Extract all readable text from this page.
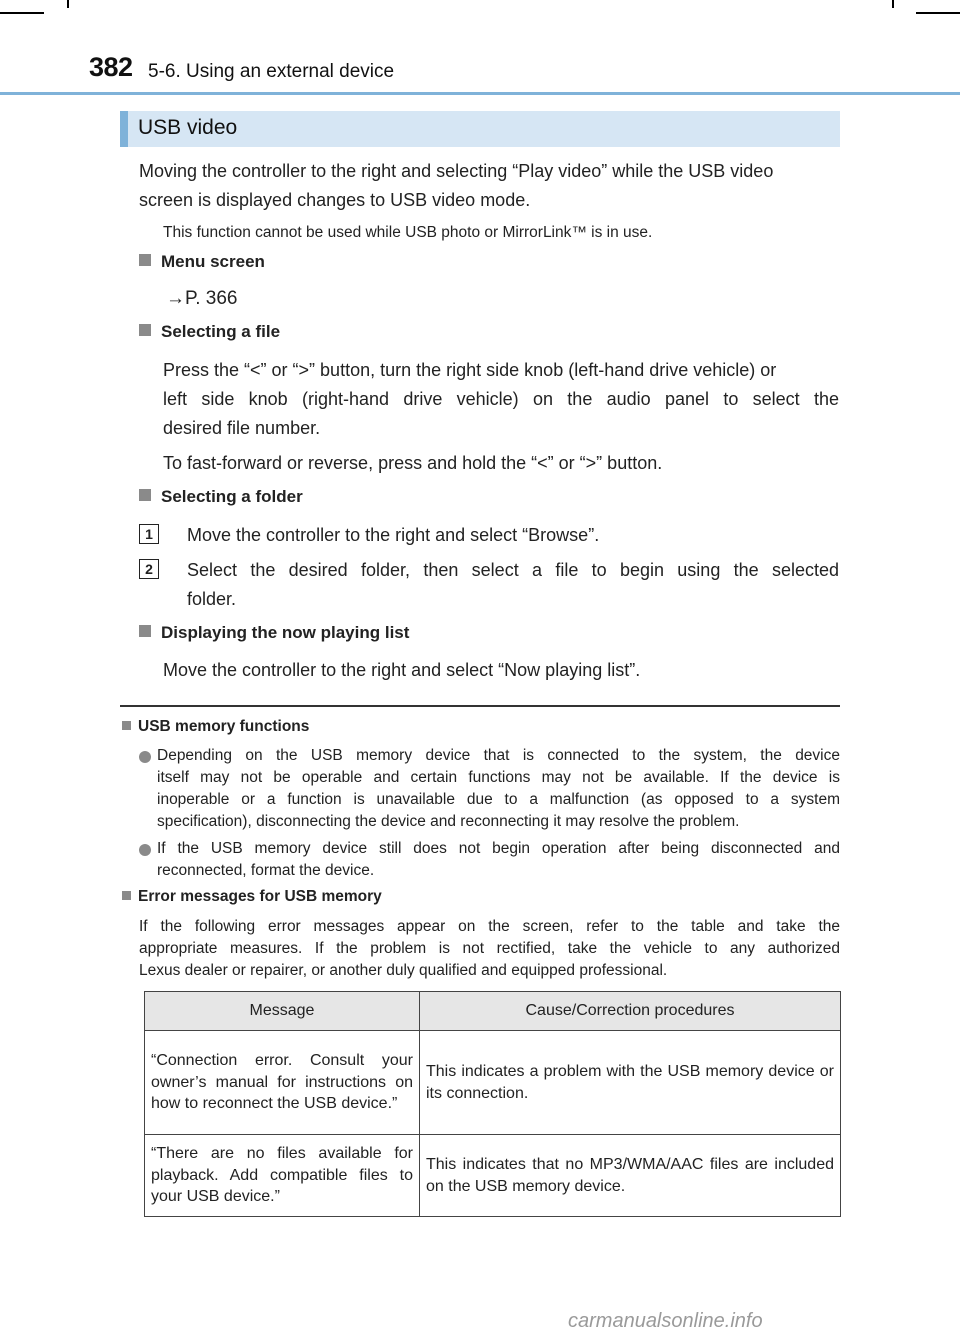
382 5-6. Using an external device
USB video
Moving the controller to the right and selecting “Play video” while the USB video
screen is displayed changes to USB video mode.
This function cannot be used while USB photo or MirrorLink™ is in use.
Menu screen
→P. 366
Selecting a file
Press the “<” or “>” button, turn the right side knob (left-hand drive vehicle) or
left side knob (right-hand drive vehicle) on the audio panel to select the
desired file number.
To fast-forward or reverse, press and hold the “<” or “>” button.
Selecting a folder
1	Move the controller to the right and select “Browse”.
2	Select the desired folder, then select a file to begin using the selected
folder.
Displaying the now playing list
Move the controller to the right and select “Now playing list”.
USB memory functions
Depending on the USB memory device that is connected to the system, the device
itself may not be operable and certain functions may not be available. If the device is
inoperable or a function is unavailable due to a malfunction (as opposed to a system
specification), disconnecting the device and reconnecting it may resolve the problem.
If the USB memory device still does not begin operation after being disconnected and
reconnected, format the device.
Error messages for USB memory
If the following error messages appear on the screen, refer to the table and take the
appropriate measures. If the problem is not rectified, take the vehicle to any authorized
Lexus dealer or repairer, or another duly qualified and equipped professional.
Message	Cause/Correction procedures
“Connection error. Consult your owner’s manual for instructions on how to reconnect the USB device.”	This indicates a problem with the USB memory device or its connection.
“There are no files available for playback. Add compatible files to your USB device.”	This indicates that no MP3/WMA/AAC files are included on the USB memory device.
carmanualsonline.info
